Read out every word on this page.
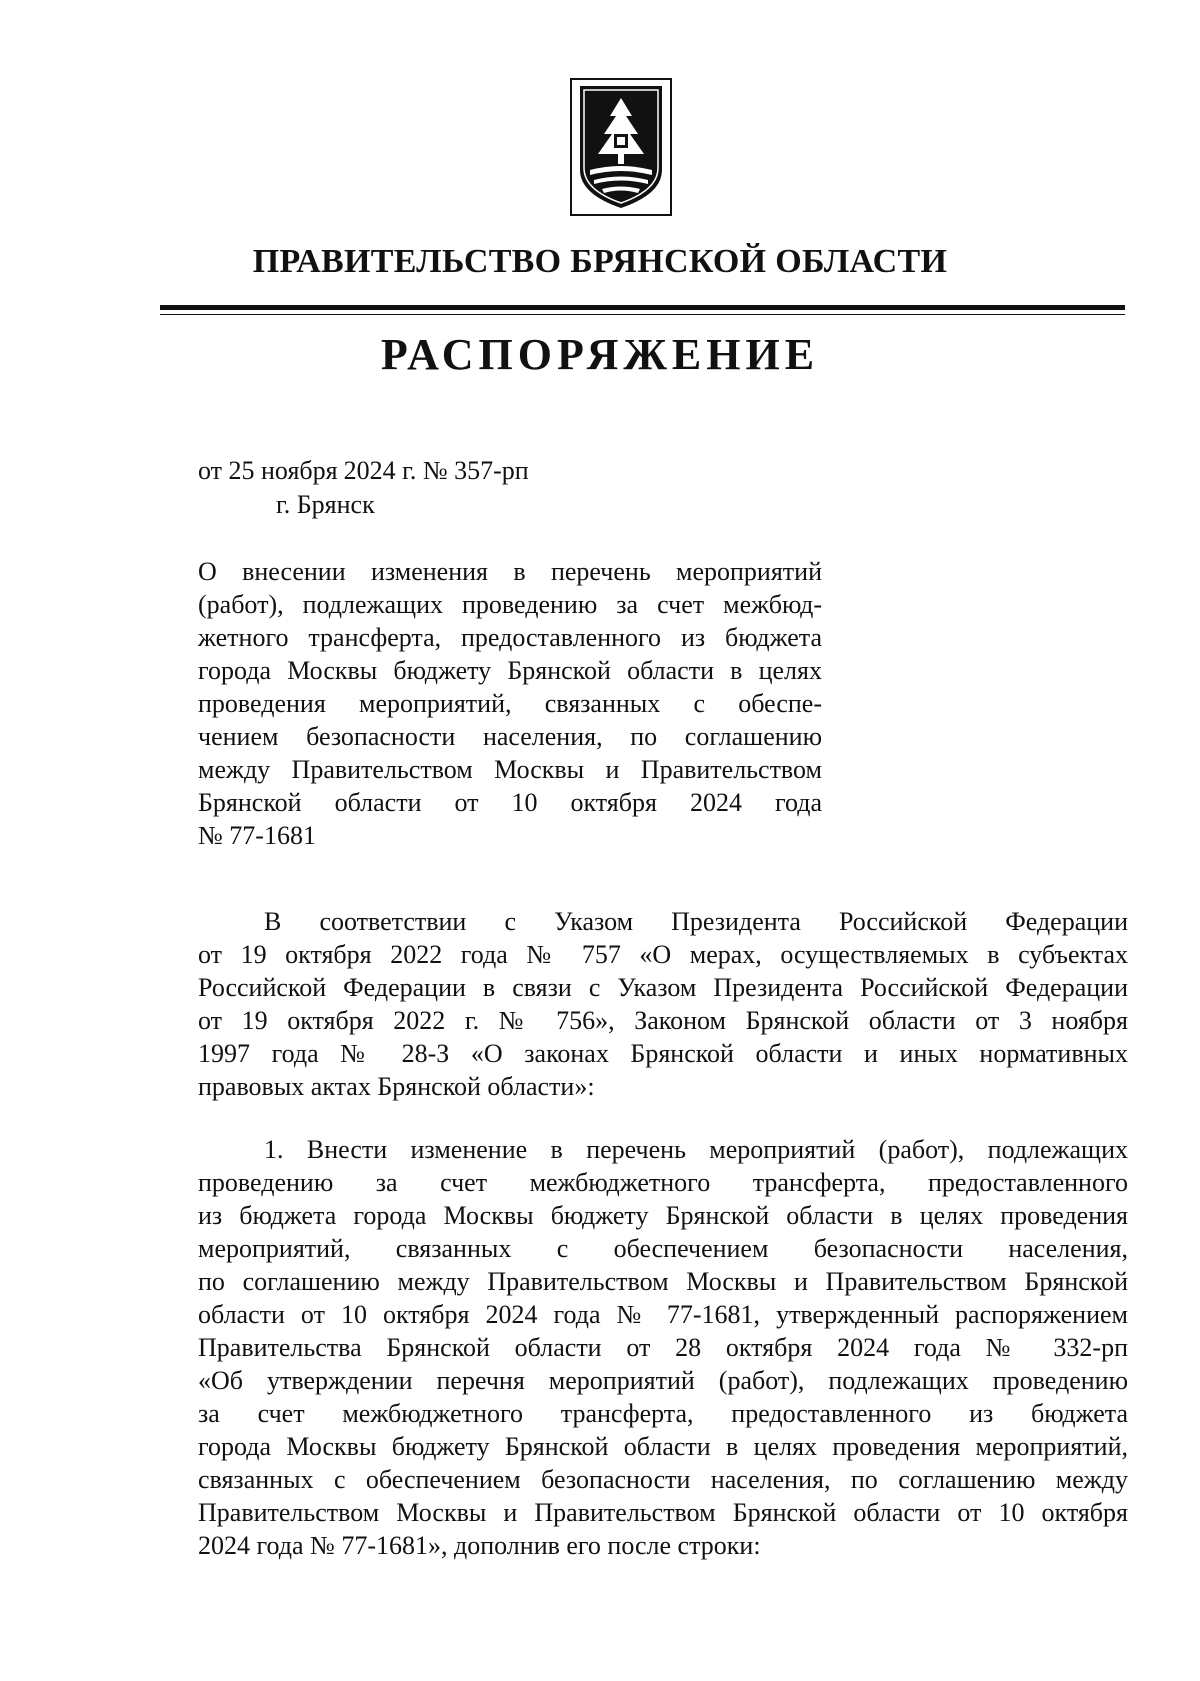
ПРАВИТЕЛЬСТВО БРЯНСКОЙ ОБЛАСТИ
РАСПОРЯЖЕНИЕ
от 25 ноября 2024 г. № 357-рп
г. Брянск
О внесении изменения в перечень мероприятий
(работ), подлежащих проведению за счет межбюд-
жетного трансферта, предоставленного из бюджета
города Москвы бюджету Брянской области в целях
проведения мероприятий, связанных с обеспе-
чением безопасности населения, по соглашению
между Правительством Москвы и Правительством
Брянской области от 10 октября 2024 года
№ 77-1681
В соответствии с Указом Президента Российской Федерации
от 19 октября 2022 года № 757 «О мерах, осуществляемых в субъектах
Российской Федерации в связи с Указом Президента Российской Федерации
от 19 октября 2022 г. № 756», Законом Брянской области от 3 ноября
1997 года № 28-З «О законах Брянской области и иных нормативных
правовых актах Брянской области»:
1. Внести изменение в перечень мероприятий (работ), подлежащих
проведению за счет межбюджетного трансферта, предоставленного
из бюджета города Москвы бюджету Брянской области в целях проведения
мероприятий, связанных с обеспечением безопасности населения,
по соглашению между Правительством Москвы и Правительством Брянской
области от 10 октября 2024 года № 77-1681, утвержденный распоряжением
Правительства Брянской области от 28 октября 2024 года № 332-рп
«Об утверждении перечня мероприятий (работ), подлежащих проведению
за счет межбюджетного трансферта, предоставленного из бюджета
города Москвы бюджету Брянской области в целях проведения мероприятий,
связанных с обеспечением безопасности населения, по соглашению между
Правительством Москвы и Правительством Брянской области от 10 октября
2024 года № 77-1681», дополнив его после строки:
